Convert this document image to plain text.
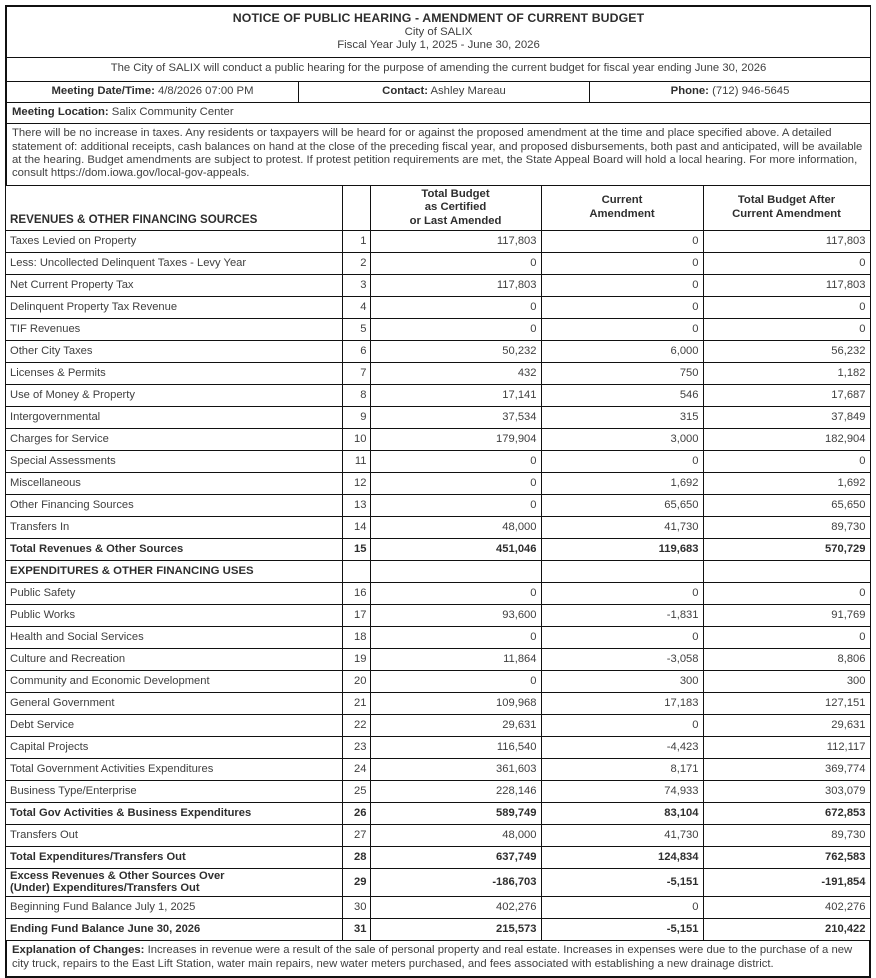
NOTICE OF PUBLIC HEARING - AMENDMENT OF CURRENT BUDGET
City of SALIX
Fiscal Year July 1, 2025 - June 30, 2026

The City of SALIX will conduct a public hearing for the purpose of amending the current budget for fiscal year ending June 30, 2026
Meeting Date/Time: 4/8/2026 07:00 PM	Contact: Ashley Mareau	Phone: (712) 946-5645
Meeting Location: Salix Community Center
There will be no increase in taxes. Any residents or taxpayers will be heard for or against the proposed amendment at the time and place specified above. A detailed statement of: additional receipts, cash balances on hand at the close of the preceding fiscal year, and proposed disbursements, both past and anticipated, will be available at the hearing. Budget amendments are subject to protest. If protest petition requirements are met, the State Appeal Board will hold a local hearing. For more information, consult https://dom.iowa.gov/local-gov-appeals.
REVENUES & OTHER FINANCING SOURCES		
Total Budget
as Certified
or Last Amended

Current
Amendment

Total Budget After
Current Amendment

Taxes Levied on Property	1	117,803	0	117,803
Less: Uncollected Delinquent Taxes - Levy Year	2	0	0	0
Net Current Property Tax	3	117,803	0	117,803
Delinquent Property Tax Revenue	4	0	0	0
TIF Revenues	5	0	0	0
Other City Taxes	6	50,232	6,000	56,232
Licenses & Permits	7	432	750	1,182
Use of Money & Property	8	17,141	546	17,687
Intergovernmental	9	37,534	315	37,849
Charges for Service	10	179,904	3,000	182,904
Special Assessments	11	0	0	0
Miscellaneous	12	0	1,692	1,692
Other Financing Sources	13	0	65,650	65,650
Transfers In	14	48,000	41,730	89,730
Total Revenues & Other Sources	15	451,046	119,683	570,729
EXPENDITURES & OTHER FINANCING USES				
Public Safety	16	0	0	0
Public Works	17	93,600	-1,831	91,769
Health and Social Services	18	0	0	0
Culture and Recreation	19	11,864	-3,058	8,806
Community and Economic Development	20	0	300	300
General Government	21	109,968	17,183	127,151
Debt Service	22	29,631	0	29,631
Capital Projects	23	116,540	-4,423	112,117
Total Government Activities Expenditures	24	361,603	8,171	369,774
Business Type/Enterprise	25	228,146	74,933	303,079
Total Gov Activities & Business Expenditures	26	589,749	83,104	672,853
Transfers Out	27	48,000	41,730	89,730
Total Expenditures/Transfers Out	28	637,749	124,834	762,583

Excess Revenues & Other Sources Over
(Under) Expenditures/Transfers Out	29	-186,703	-5,151	-191,854

Beginning Fund Balance July 1, 2025	30	402,276	0	402,276

Ending Fund Balance June 30, 2026	31	215,573	-5,151	210,422
Explanation of Changes: Increases in revenue were a result of the sale of personal property and real estate. Increases in expenses were due to the purchase of a new city truck, repairs to the East Lift Station, water main repairs, new water meters purchased, and fees associated with establishing a new drainage district.
